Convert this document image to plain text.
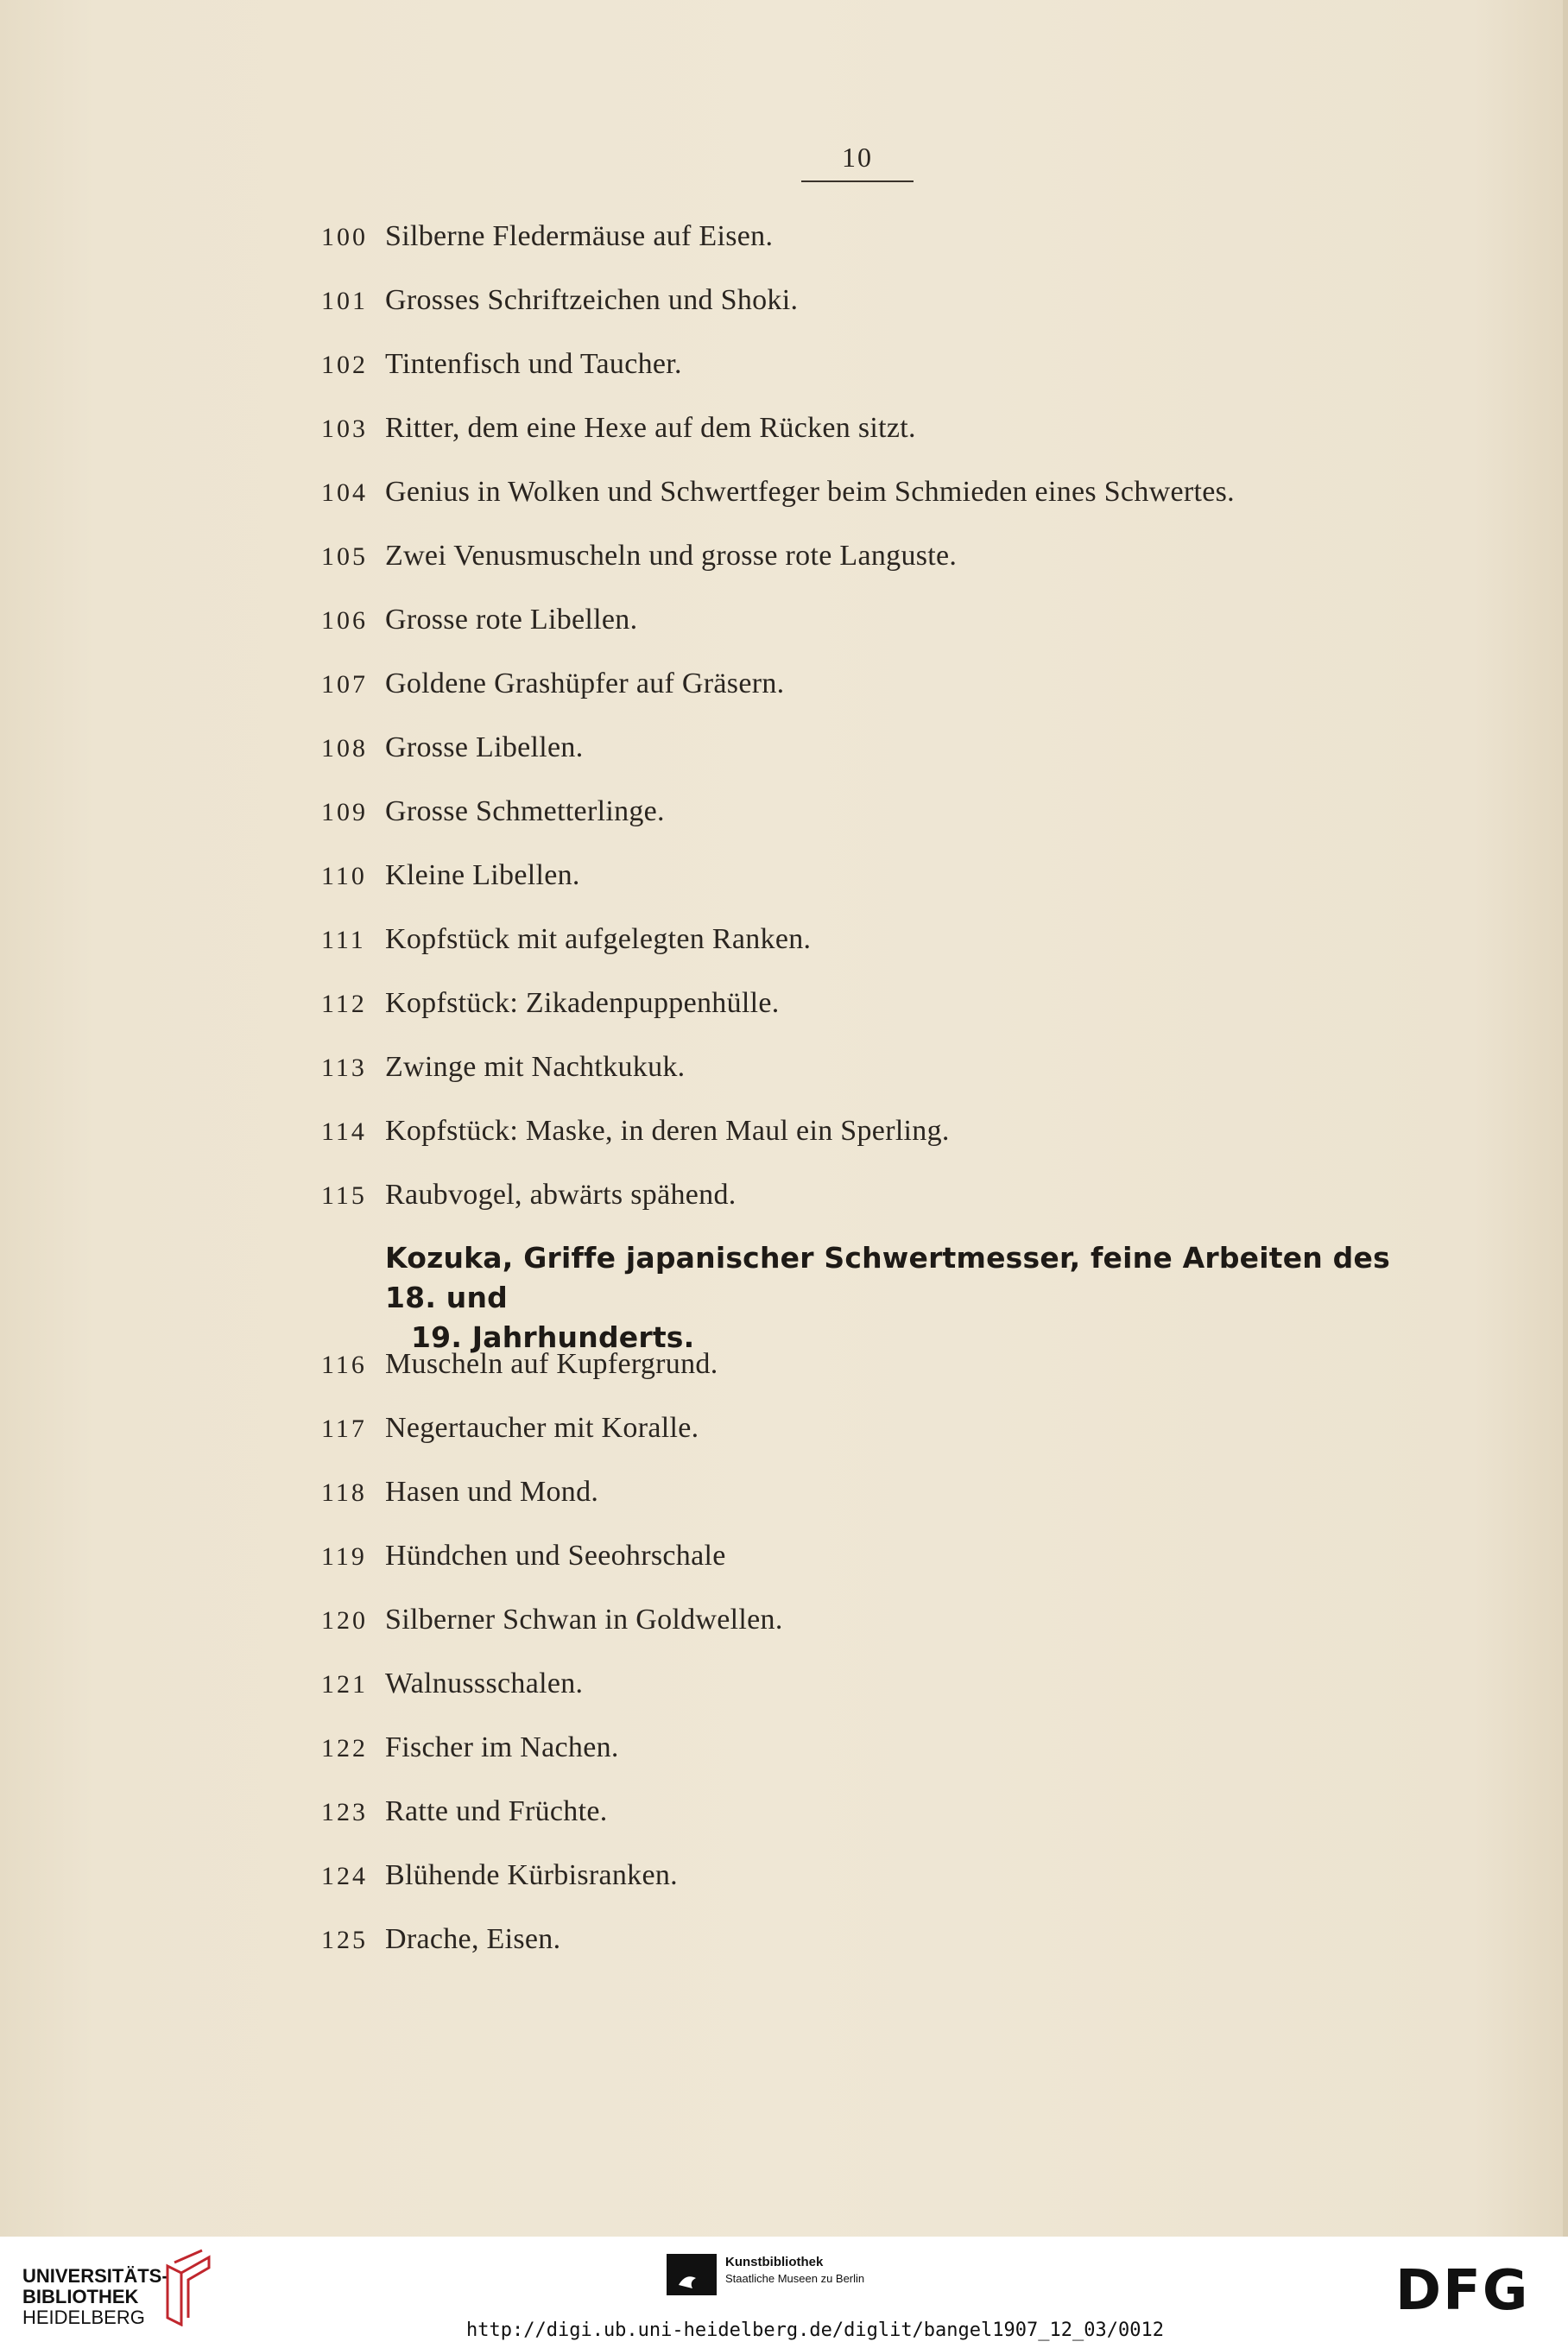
10
100 Silberne Fledermäuse auf Eisen.
101 Grosses Schriftzeichen und Shoki.
102 Tintenfisch und Taucher.
103 Ritter, dem eine Hexe auf dem Rücken sitzt.
104 Genius in Wolken und Schwertfeger beim Schmieden eines Schwertes.
105 Zwei Venusmuscheln und grosse rote Languste.
106 Grosse rote Libellen.
107 Goldene Grashüpfer auf Gräsern.
108 Grosse Libellen.
109 Grosse Schmetterlinge.
110 Kleine Libellen.
111 Kopfstück mit aufgelegten Ranken.
112 Kopfstück: Zikadenpuppenhülle.
113 Zwinge mit Nachtkukuk.
114 Kopfstück: Maske, in deren Maul ein Sperling.
115 Raubvogel, abwärts spähend.
Kozuka, Griffe japanischer Schwertmesser, feine Arbeiten des 18. und
19. Jahrhunderts.
116 Muscheln auf Kupfergrund.
117 Negertaucher mit Koralle.
118 Hasen und Mond.
119 Hündchen und Seeohrschale
120 Silberner Schwan in Goldwellen.
121 Walnussschalen.
122 Fischer im Nachen.
123 Ratte und Früchte.
124 Blühende Kürbisranken.
125 Drache, Eisen.
UNIVERSITÄTS-
BIBLIOTHEK
HEIDELBERG
Kunstbibliothek
Staatliche Museen zu Berlin	DFG
http://digi.ub.uni-heidelberg.de/diglit/bangel1907_12_03/0012
